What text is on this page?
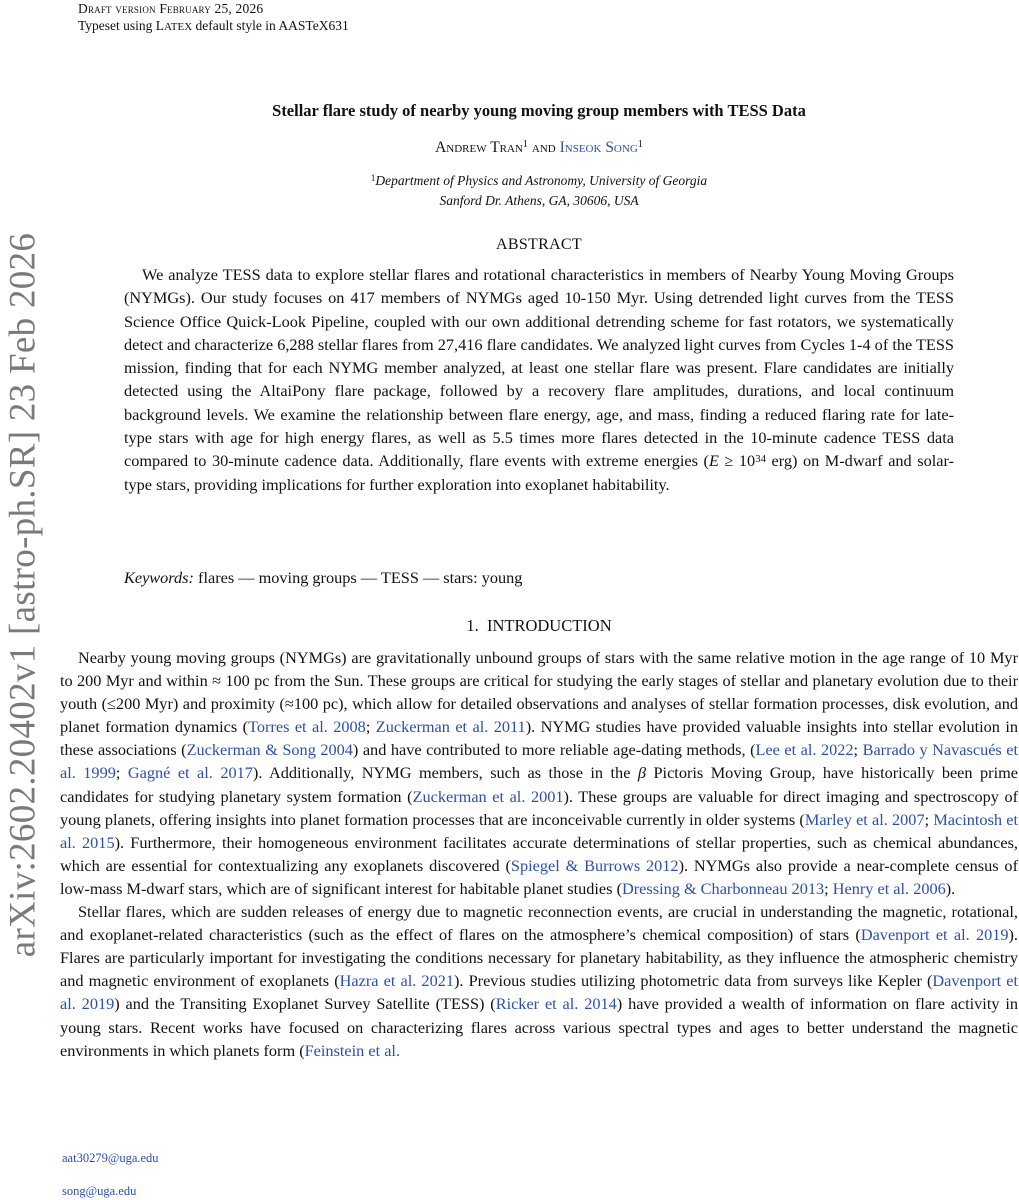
Draft version February 25, 2026
Typeset using LATEX default style in AASTeX631
arXiv:2602.20402v1 [astro-ph.SR] 23 Feb 2026
Stellar flare study of nearby young moving group members with TESS Data
Andrew Tran$^1$ and Inseok Song$^1$
$^1$Department of Physics and Astronomy, University of Georgia
Sanford Dr. Athens, GA, 30606, USA
ABSTRACT
We analyze TESS data to explore stellar flares and rotational characteristics in members of Nearby Young Moving Groups (NYMGs). Our study focuses on 417 members of NYMGs aged 10-150 Myr. Using detrended light curves from the TESS Science Office Quick-Look Pipeline, coupled with our own additional detrending scheme for fast rotators, we systematically detect and characterize 6,288 stellar flares from 27,416 flare candidates. We analyzed light curves from Cycles 1-4 of the TESS mission, finding that for each NYMG member analyzed, at least one stellar flare was present. Flare candidates are initially detected using the AltaiPony flare package, followed by a recovery flare amplitudes, durations, and local continuum background levels. We examine the relationship between flare energy, age, and mass, finding a reduced flaring rate for late-type stars with age for high energy flares, as well as 5.5 times more flares detected in the 10-minute cadence TESS data compared to 30-minute cadence data. Additionally, flare events with extreme energies ($E \ge 10^{34}$ erg) on M-dwarf and solar-type stars, providing implications for further exploration into exoplanet habitability.
Keywords: flares — moving groups — TESS — stars: young
1. INTRODUCTION

Nearby young moving groups (NYMGs) are gravitationally unbound groups of stars with the same relative motion in the age range of 10 Myr to 200 Myr and within ≈ 100 pc from the Sun. These groups are critical for studying the early stages of stellar and planetary evolution due to their youth (≤200 Myr) and proximity (≈100 pc), which allow for detailed observations and analyses of stellar formation processes, disk evolution, and planet formation dynamics (Torres et al. 2008; Zuckerman et al. 2011). NYMG studies have provided valuable insights into stellar evolution in these associations (Zuckerman & Song 2004) and have contributed to more reliable age-dating methods, (Lee et al. 2022; Barrado y Navascués et al. 1999; Gagné et al. 2017). Additionally, NYMG members, such as those in the β Pictoris Moving Group, have historically been prime candidates for studying planetary system formation (Zuckerman et al. 2001). These groups are valuable for direct imaging and spectroscopy of young planets, offering insights into planet formation processes that are inconceivable currently in older systems (Marley et al. 2007; Macintosh et al. 2015). Furthermore, their homogeneous environment facilitates accurate determinations of stellar properties, such as chemical abundances, which are essential for contextualizing any exoplanets discovered (Spiegel & Burrows 2012). NYMGs also provide a near-complete census of low-mass M-dwarf stars, which are of significant interest for habitable planet studies (Dressing & Charbonneau 2013; Henry et al. 2006).

Stellar flares, which are sudden releases of energy due to magnetic reconnection events, are crucial in understanding the magnetic, rotational, and exoplanet-related characteristics (such as the effect of flares on the atmosphere’s chemical composition) of stars (Davenport et al. 2019). Flares are particularly important for investigating the conditions necessary for planetary habitability, as they influence the atmospheric chemistry and magnetic environment of exoplanets (Hazra et al. 2021). Previous studies utilizing photometric data from surveys like Kepler (Davenport et al. 2019) and the Transiting Exoplanet Survey Satellite (TESS) (Ricker et al. 2014) have provided a wealth of information on flare activity in young stars. Recent works have focused on characterizing flares across various spectral types and ages to better understand the magnetic environments in which planets form (Feinstein et al.

aat30279@uga.edu
song@uga.edu
